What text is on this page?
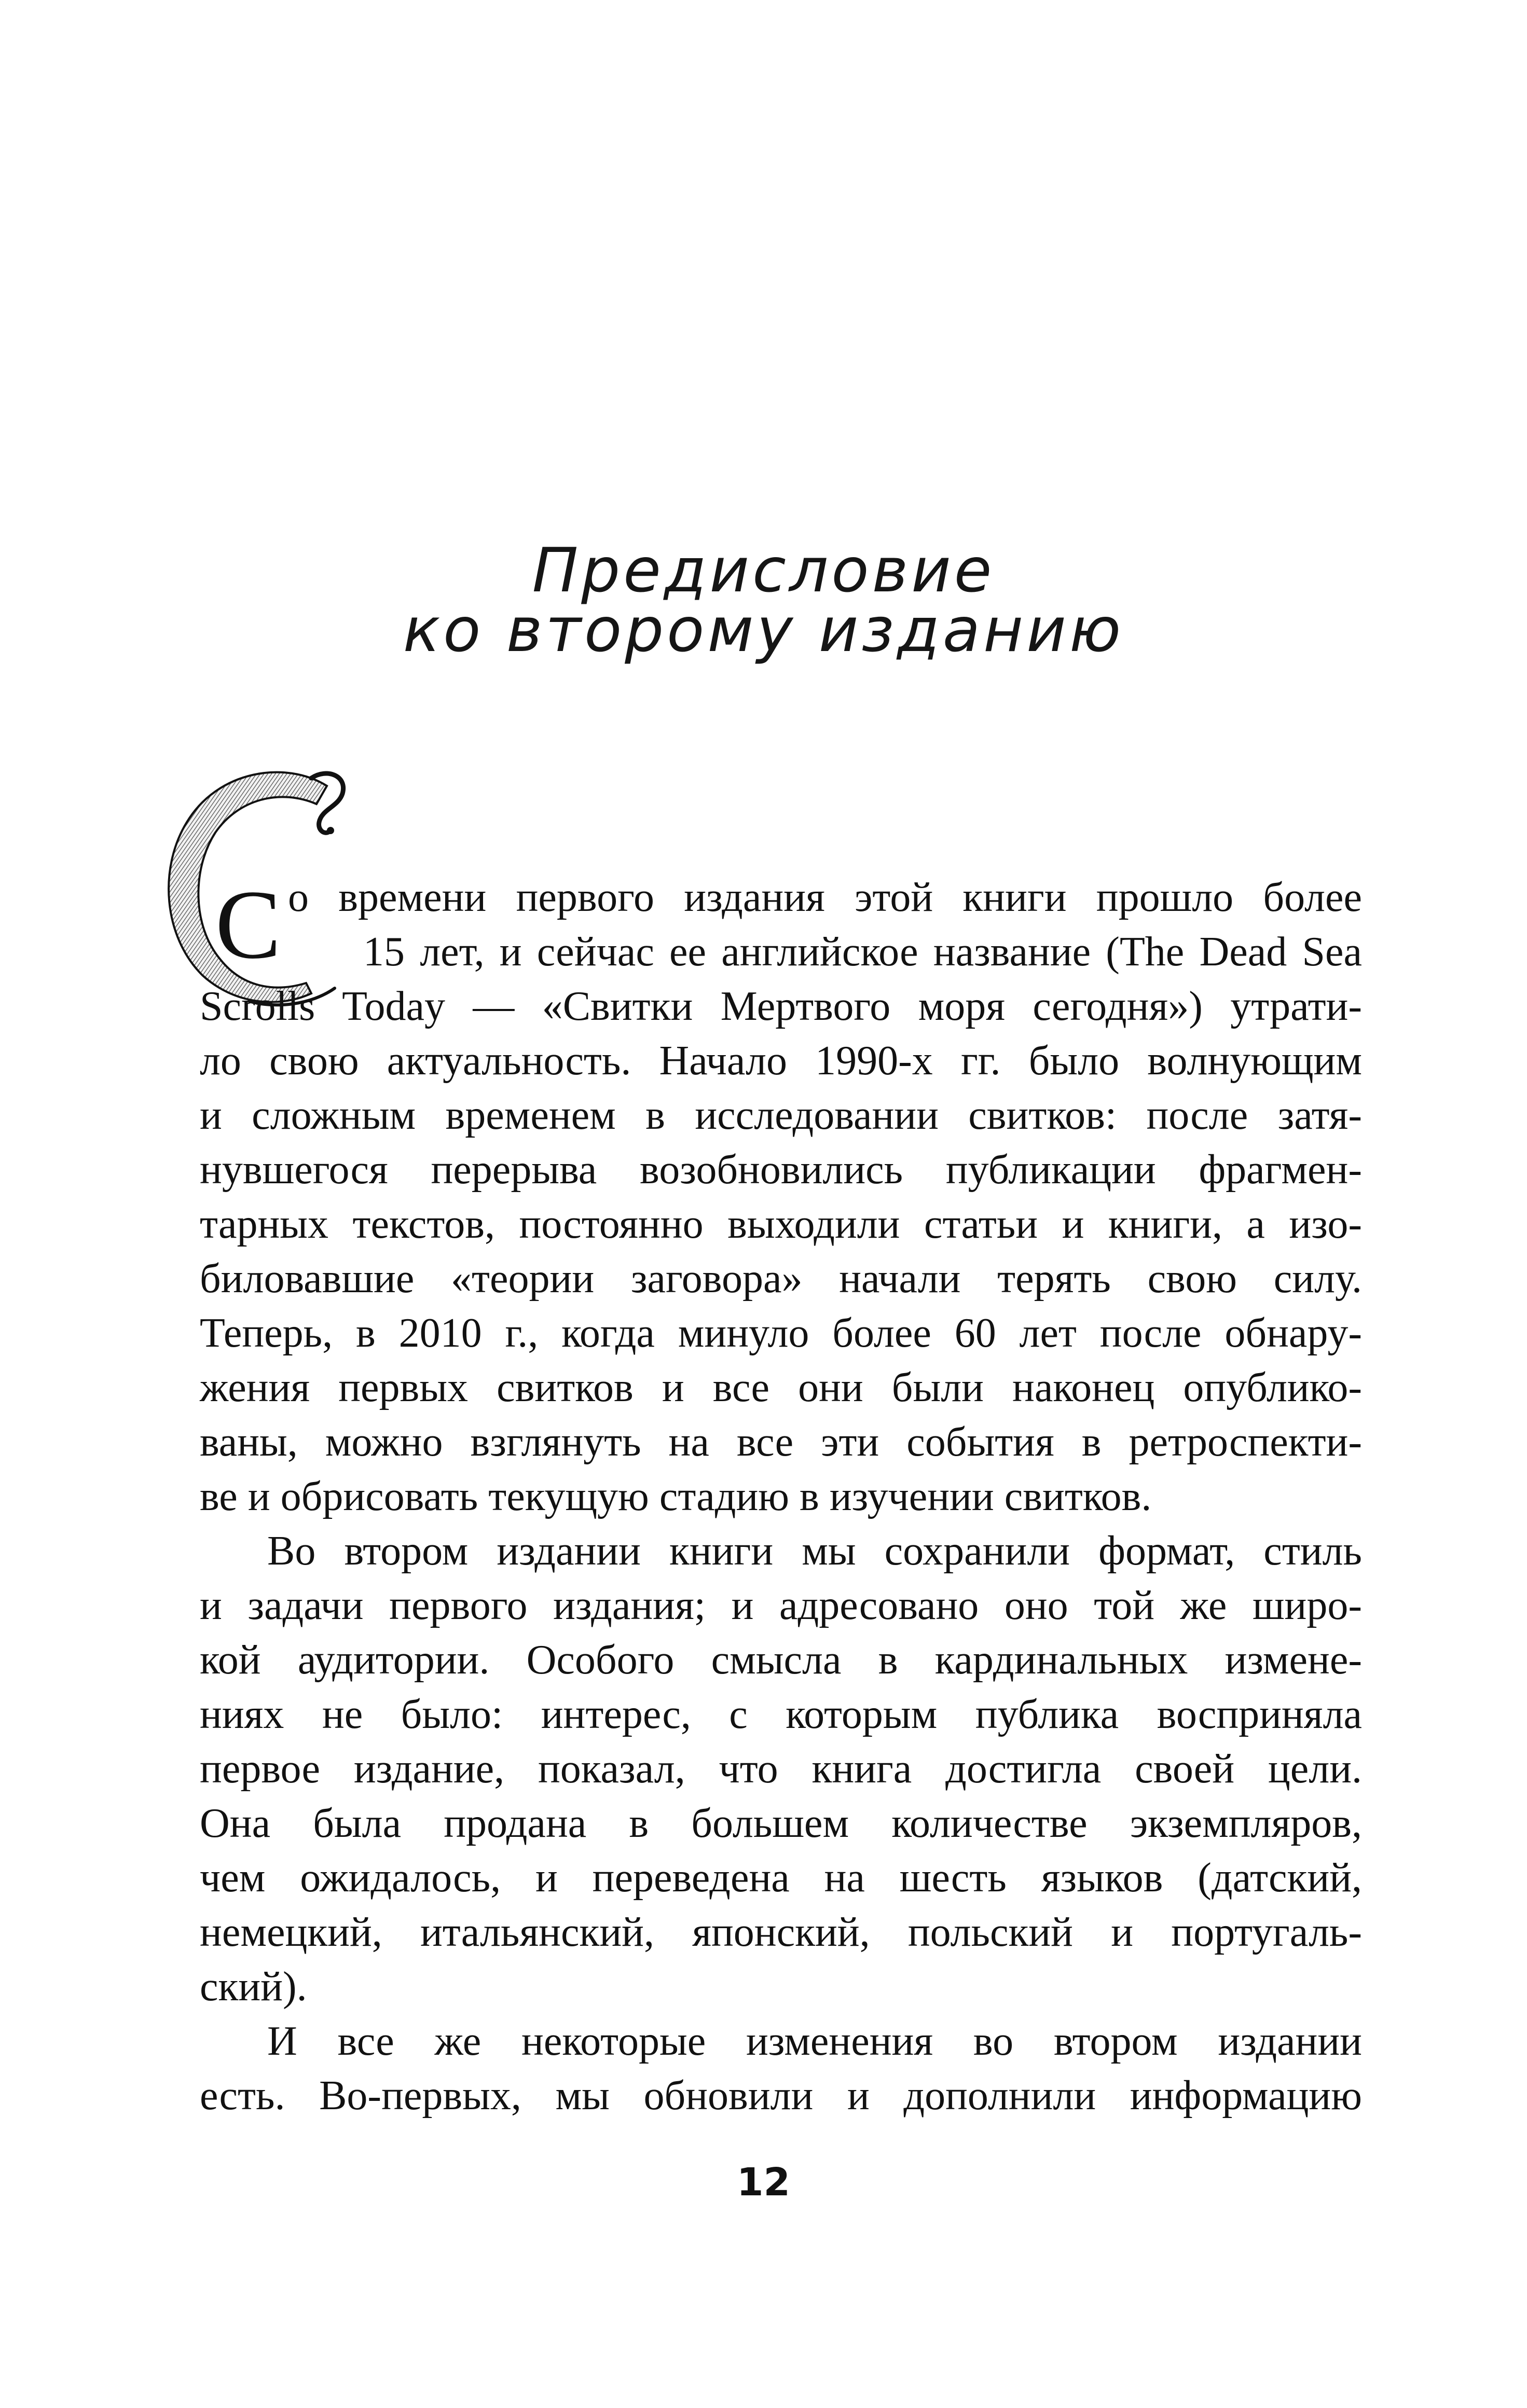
Предисловие
ко второму изданию
С о времени первого издания этой книги прошло более
15 лет, и сейчас ее английское название (The Dead Sea
Scrolls Today — «Свитки Мертвого моря сегодня») утрати-
ло свою актуальность. Начало 1990-х гг. было волнующим
и сложным временем в исследовании свитков: после затя-
нувшегося перерыва возобновились публикации фрагмен-
тарных текстов, постоянно выходили статьи и книги, а изо-
биловавшие «теории заговора» начали терять свою силу.
Теперь, в 2010 г., когда минуло более 60 лет после обнару-
жения первых свитков и все они были наконец опублико-
ваны, можно взглянуть на все эти события в ретроспекти-
ве и обрисовать текущую стадию в изучении свитков.
Во втором издании книги мы сохранили формат, стиль
и задачи первого издания; и адресовано оно той же широ-
кой аудитории. Особого смысла в кардинальных измене-
ниях не было: интерес, с которым публика восприняла
первое издание, показал, что книга достигла своей цели.
Она была продана в большем количестве экземпляров,
чем ожидалось, и переведена на шесть языков (датский,
немецкий, итальянский, японский, польский и португаль-
ский).
И все же некоторые изменения во втором издании
есть. Во-первых, мы обновили и дополнили информацию
12
